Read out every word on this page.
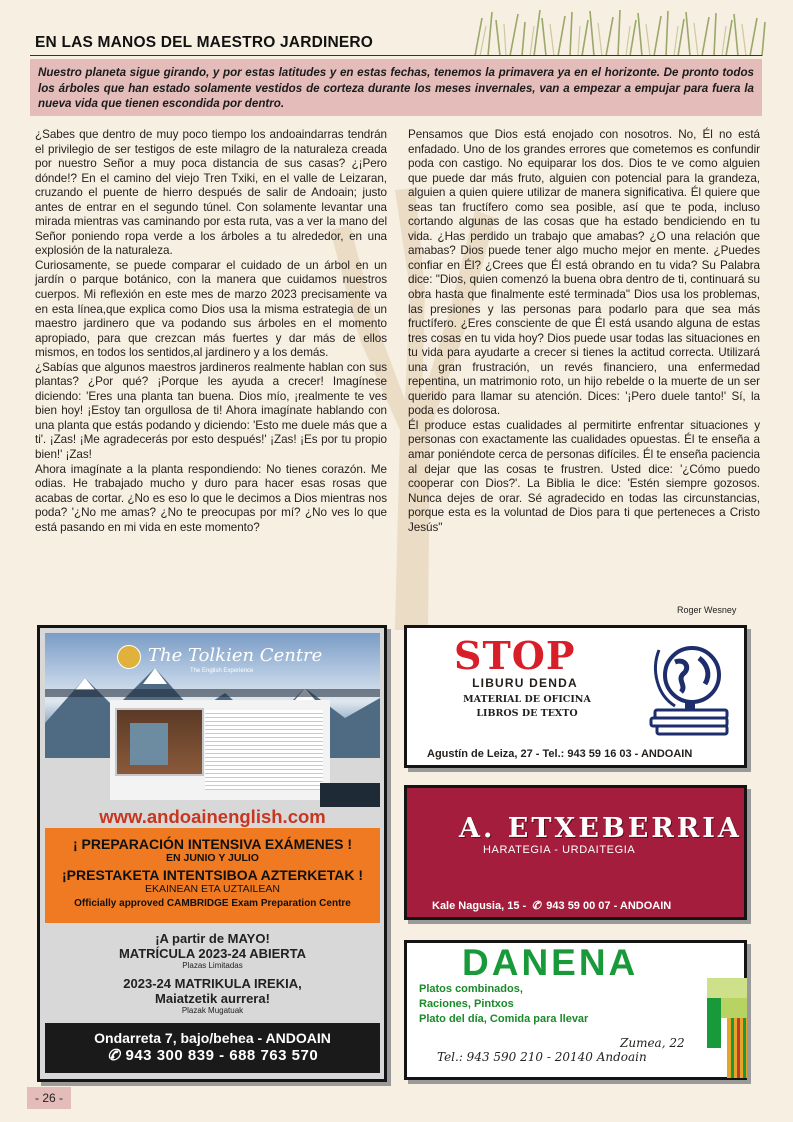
EN LAS MANOS DEL MAESTRO JARDINERO

Nuestro planeta sigue girando, y por estas latitudes y en estas fechas, tenemos la primavera ya en el horizonte. De pronto todos los árboles que han estado solamente vestidos de corteza durante los meses invernales, van a empezar a empujar para fuera la nueva vida que tienen escondida por dentro.

¿Sabes que dentro de muy poco tiempo los andoaindarras tendrán el privilegio de ser testigos de este milagro de la naturaleza creada por nuestro Señor a muy poca distancia de sus casas? ¿¡Pero dónde!? En el camino del viejo Tren Txiki, en el valle de Leizaran, cruzando el puente de hierro después de salir de Andoain; justo antes de entrar en el segundo túnel. Con solamente levantar una mirada mientras vas caminando por esta ruta, vas a ver la mano del Señor poniendo ropa verde a los árboles a tu alrededor, en una explosión de la naturaleza.

Curiosamente, se puede comparar el cuidado de un árbol en un jardín o parque botánico, con la manera que cuidamos nuestros cuerpos. Mi reflexión en este mes de marzo 2023 precisamente va en esta línea,que explica como Dios usa la misma estrategia de un maestro jardinero que va podando sus árboles en el momento apropiado, para que crezcan más fuertes y dar más de ellos mismos, en todos los sentidos,al jardinero y a los demás.

¿Sabías que algunos maestros jardineros realmente hablan con sus plantas? ¿Por qué? ¡Porque les ayuda a crecer! Imagínese diciendo: 'Eres una planta tan buena. Dios mío, ¡realmente te ves bien hoy! ¡Estoy tan orgullosa de ti! Ahora imagínate hablando con una planta que estás podando y diciendo: 'Esto me duele más que a ti'. ¡Zas! ¡Me agradecerás por esto después!' ¡Zas! ¡Es por tu propio bien!' ¡Zas!

Ahora imagínate a la planta respondiendo: No tienes corazón. Me odias. He trabajado mucho y duro para hacer esas rosas que acabas de cortar. ¿No es eso lo que le decimos a Dios mientras nos poda? '¿No me amas? ¿No te preocupas por mí? ¿No ves lo que está pasando en mi vida en este momento?

Pensamos que Dios está enojado con nosotros. No, Él no está enfadado. Uno de los grandes errores que cometemos es confundir poda con castigo. No equiparar los dos. Dios te ve como alguien que puede dar más fruto, alguien con potencial para la grandeza, alguien a quien quiere utilizar de manera significativa. Él quiere que seas tan fructífero como sea posible, así que te poda, incluso cortando algunas de las cosas que ha estado bendiciendo en tu vida. ¿Has perdido un trabajo que amabas? ¿O una relación que amabas? Dios puede tener algo mucho mejor en mente. ¿Puedes confiar en Él? ¿Crees que Él está obrando en tu vida? Su Palabra dice: "Dios, quien comenzó la buena obra dentro de ti, continuará su obra hasta que finalmente esté terminada" Dios usa los problemas, las presiones y las personas para podarlo para que sea más fructífero. ¿Eres consciente de que Él está usando alguna de estas tres cosas en tu vida hoy? Dios puede usar todas las situaciones en tu vida para ayudarte a crecer si tienes la actitud correcta. Utilizará una gran frustración, un revés financiero, una enfermedad repentina, un matrimonio roto, un hijo rebelde o la muerte de un ser querido para llamar su atención. Dices: '¡Pero duele tanto!' Sí, la poda es dolorosa.

Él produce estas cualidades al permitirte enfrentar situaciones y personas con exactamente las cualidades opuestas. Él te enseña a amar poniéndote cerca de personas difíciles. Él te enseña paciencia al dejar que las cosas te frustren. Usted dice: '¿Cómo puedo cooperar con Dios?'. La Biblia le dice: 'Estén siempre gozosos. Nunca dejes de orar. Sé agradecido en todas las circunstancias, porque esta es la voluntad de Dios para ti que perteneces a Cristo Jesús"

Roger Wesney
The Tolkien Centre
The English Experience
www.andoainenglish.com
¡ PREPARACIÓN INTENSIVA EXÁMENES !
EN JUNIO Y JULIO
¡PRESTAKETA INTENTSIBOA AZTERKETAK !
EKAINEAN ETA UZTAILEAN
Officially approved CAMBRIDGE Exam Preparation Centre
¡A partir de MAYO!
MATRÍCULA 2023-24 ABIERTA
Plazas Limitadas
2023-24 MATRIKULA IREKIA,
Maiatzetik aurrera!
Plazak Mugatuak
Ondarreta 7, bajo/behea - ANDOAIN
✆ 943 300 839 - 688 763 570
STOP
LIBURU DENDA
MATERIAL DE OFICINA
LIBROS DE TEXTO
Agustín de Leiza, 27 - Tel.: 943 59 16 03 - ANDOAIN
A. ETXEBERRIA
HARATEGIA - URDAITEGIA
Kale Nagusia, 15 - ✆ 943 59 00 07 - ANDOAIN
DANENA
Platos combinados,
Raciones, Pintxos
Plato del día, Comida para llevar
Zumea, 22
Tel.: 943 590 210 - 20140 Andoain
- 26 -
